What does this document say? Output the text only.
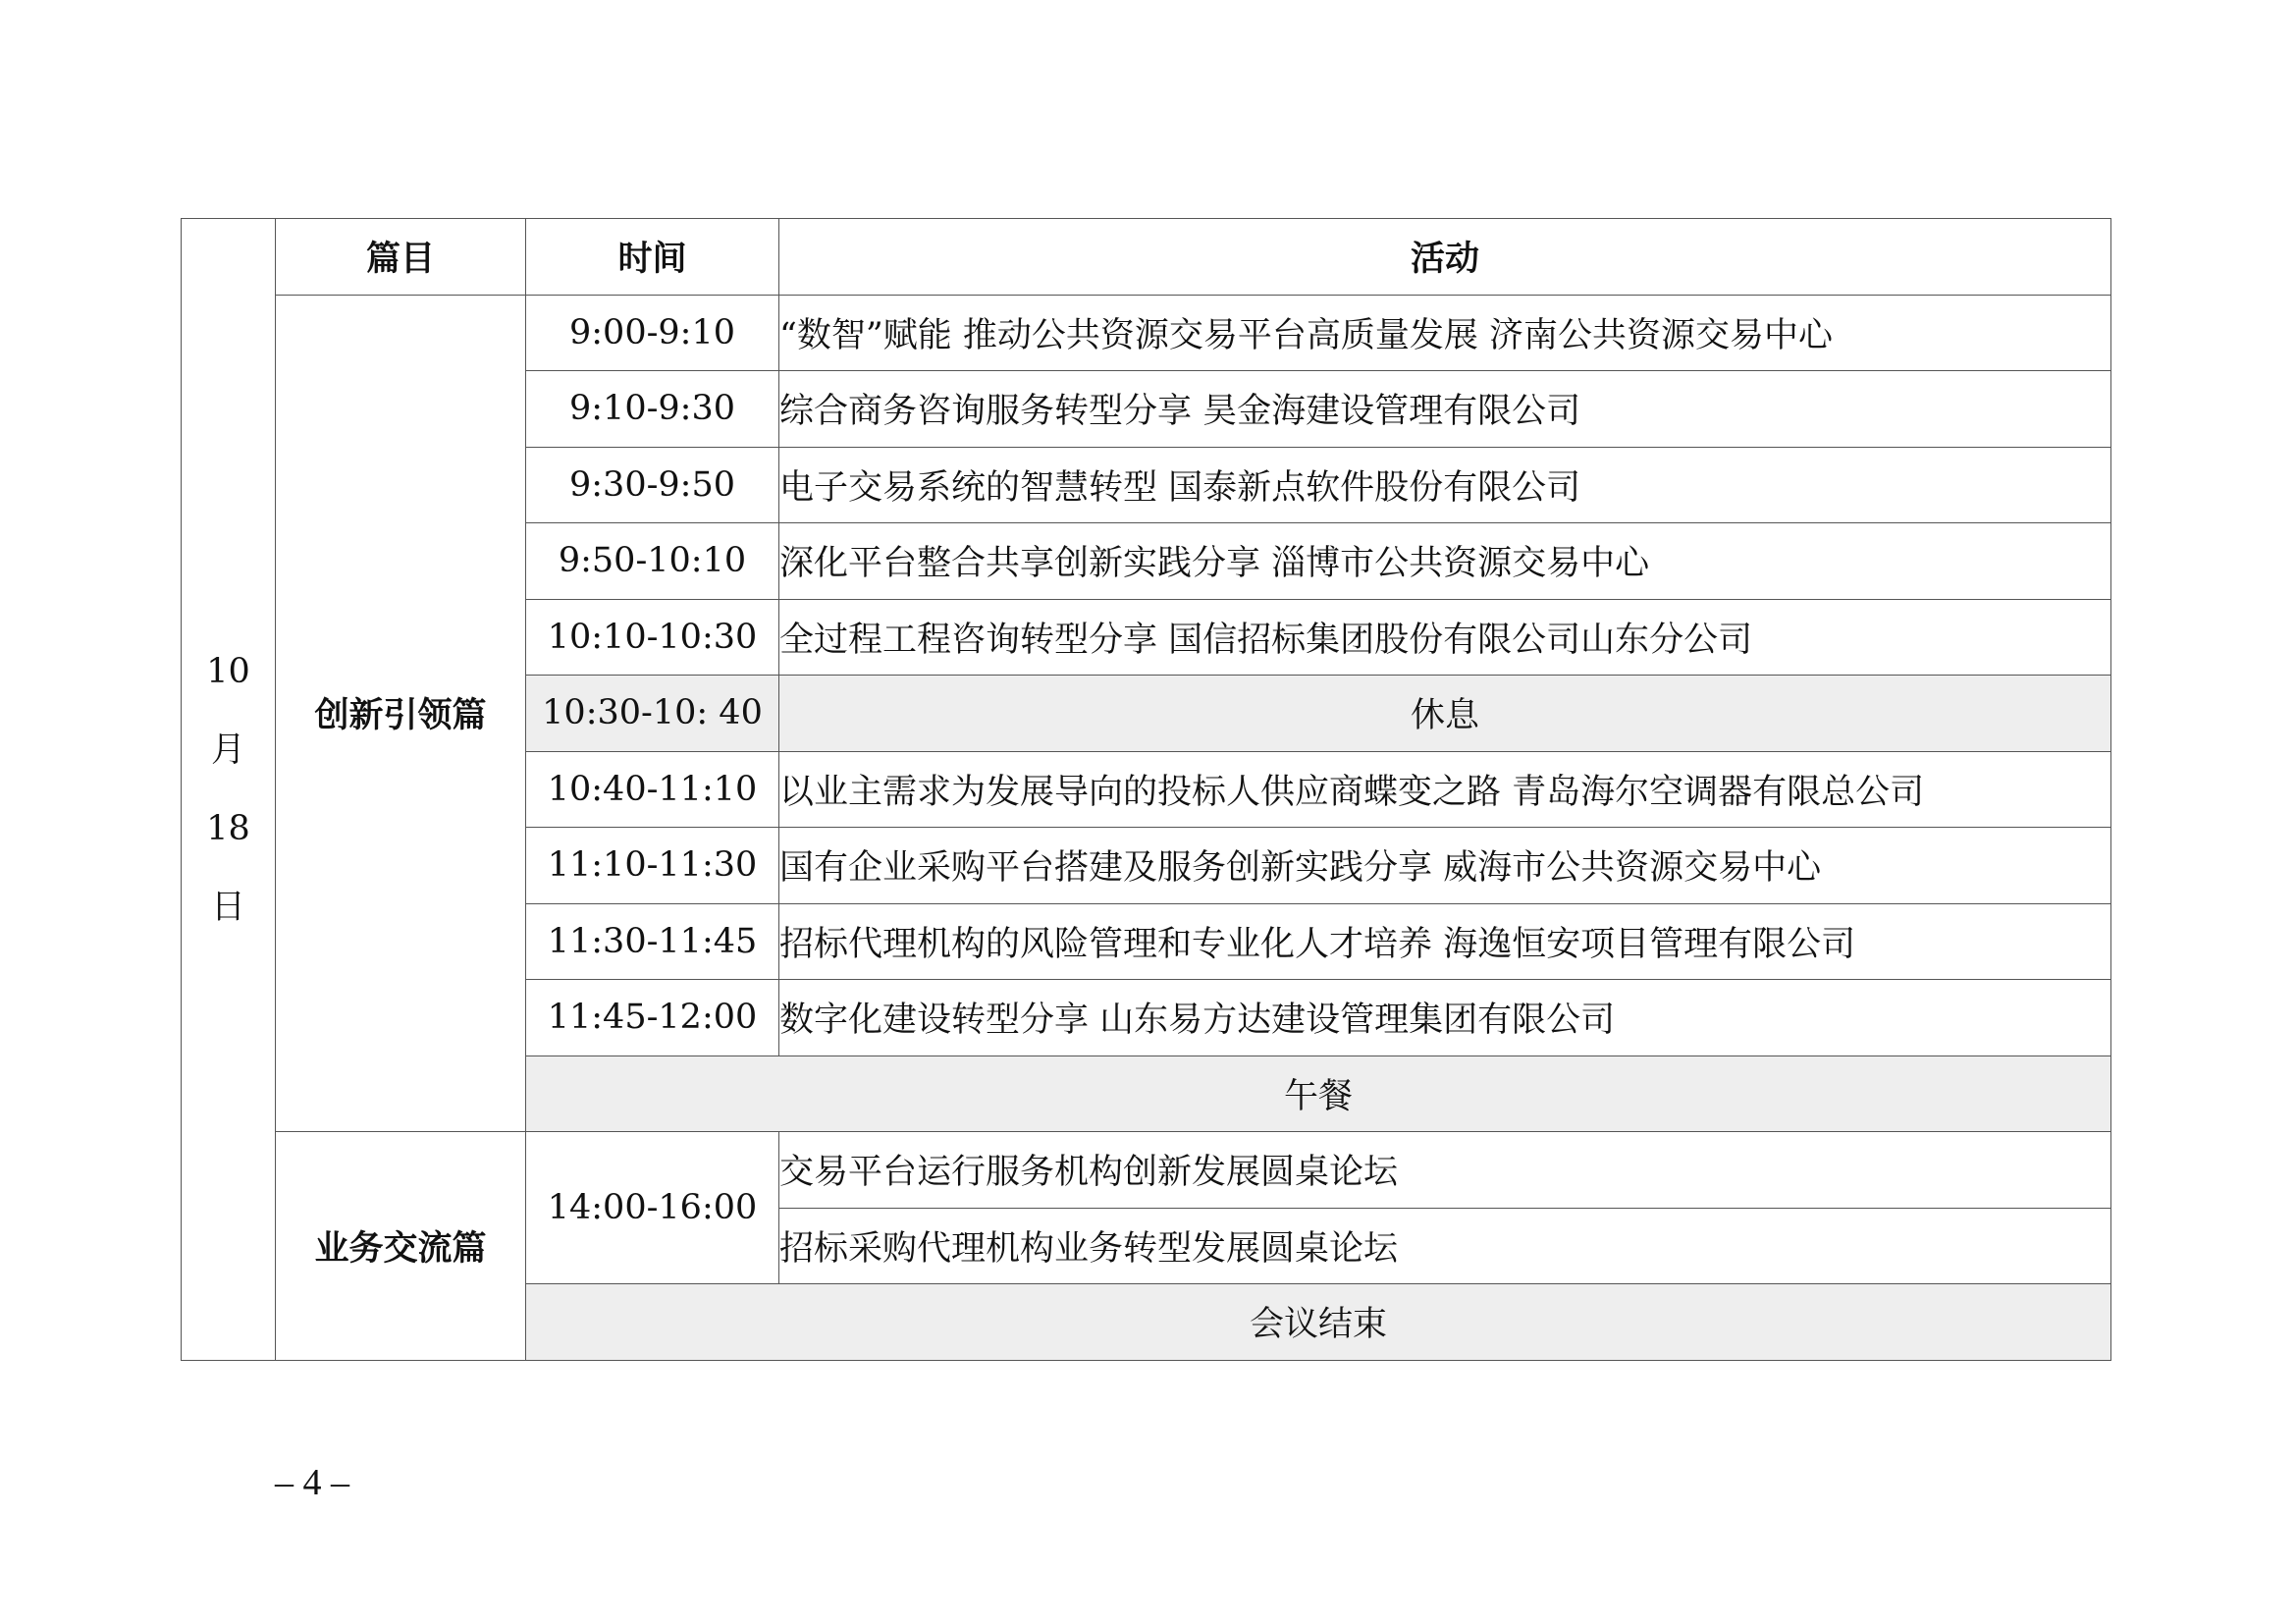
10
月
18
日	篇目	时间	活动
	创新引领篇	9:00-9:10	“数智”赋能 推动公共资源交易平台高质量发展 济南公共资源交易中心
		9:10-9:30	综合商务咨询服务转型分享 昊金海建设管理有限公司
		9:30-9:50	电子交易系统的智慧转型 国泰新点软件股份有限公司
		9:50-10:10	深化平台整合共享创新实践分享 淄博市公共资源交易中心
		10:10-10:30	全过程工程咨询转型分享 国信招标集团股份有限公司山东分公司
		10:30-10: 40	休息
		10:40-11:10	以业主需求为发展导向的投标人供应商蝶变之路 青岛海尔空调器有限总公司
		11:10-11:30	国有企业采购平台搭建及服务创新实践分享 威海市公共资源交易中心
		11:30-11:45	招标代理机构的风险管理和专业化人才培养 海逸恒安项目管理有限公司
		11:45-12:00	数字化建设转型分享 山东易方达建设管理集团有限公司
		午餐	
	业务交流篇	14:00-16:00	交易平台运行服务机构创新发展圆桌论坛
			招标采购代理机构业务转型发展圆桌论坛
		会议结束	
– 4 –
